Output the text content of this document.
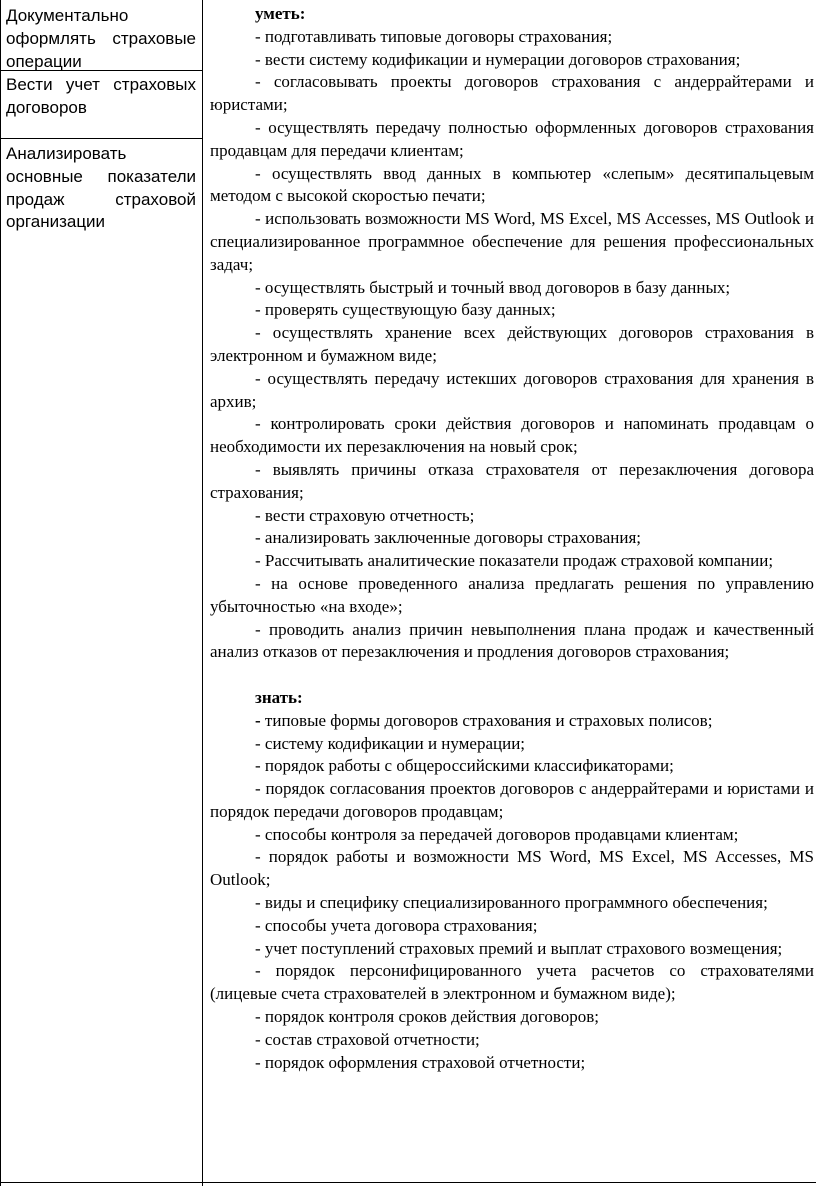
Документально оформлять страховые операции

Вести учет страховых договоров

Анализировать основные показатели продаж страховой организации

уметь:

- подготавливать типовые договоры страхования;

- вести систему кодификации и нумерации договоров страхования;

- согласовывать проекты договоров страхования с андеррайтерами и юристами;

- осуществлять передачу полностью оформленных договоров страхования продавцам для передачи клиентам;

- осуществлять ввод данных в компьютер «слепым» десятипальцевым методом с высокой скоростью печати;

- использовать возможности MS Word, MS Excel, MS Accesses, MS Outlook и специализированное программное обеспечение для решения профессиональных задач;

- осуществлять быстрый и точный ввод договоров в базу данных;

- проверять существующую базу данных;

- осуществлять хранение всех действующих договоров страхования в электронном и бумажном виде;

- осуществлять передачу истекших договоров страхования для хранения в архив;

- контролировать сроки действия договоров и напоминать продавцам о необходимости их перезаключения на новый срок;

- выявлять причины отказа страхователя от перезаключения договора страхования;

- вести страховую отчетность;

- анализировать заключенные договоры страхования;

- Рассчитывать аналитические показатели продаж страховой компании;

- на основе проведенного анализа предлагать решения по управлению убыточностью «на входе»;

- проводить анализ причин невыполнения плана продаж и качественный анализ отказов от перезаключения и продления договоров страхования;

знать:

- типовые формы договоров страхования и страховых полисов;

- систему кодификации и нумерации;

- порядок работы с общероссийскими классификаторами;

- порядок согласования проектов договоров с андеррайтерами и юристами и порядок передачи договоров продавцам;

- способы контроля за передачей договоров продавцами клиентам;

- порядок работы и возможности MS Word, MS Excel, MS Accesses, MS Outlook;

- виды и специфику специализированного программного обеспечения;

- способы учета договора страхования;

- учет поступлений страховых премий и выплат страхового возмещения;

- порядок персонифицированного учета расчетов со страхователями (лицевые счета страхователей в электронном и бумажном виде);

- порядок контроля сроков действия договоров;

- состав страховой отчетности;

- порядок оформления страховой отчетности;
